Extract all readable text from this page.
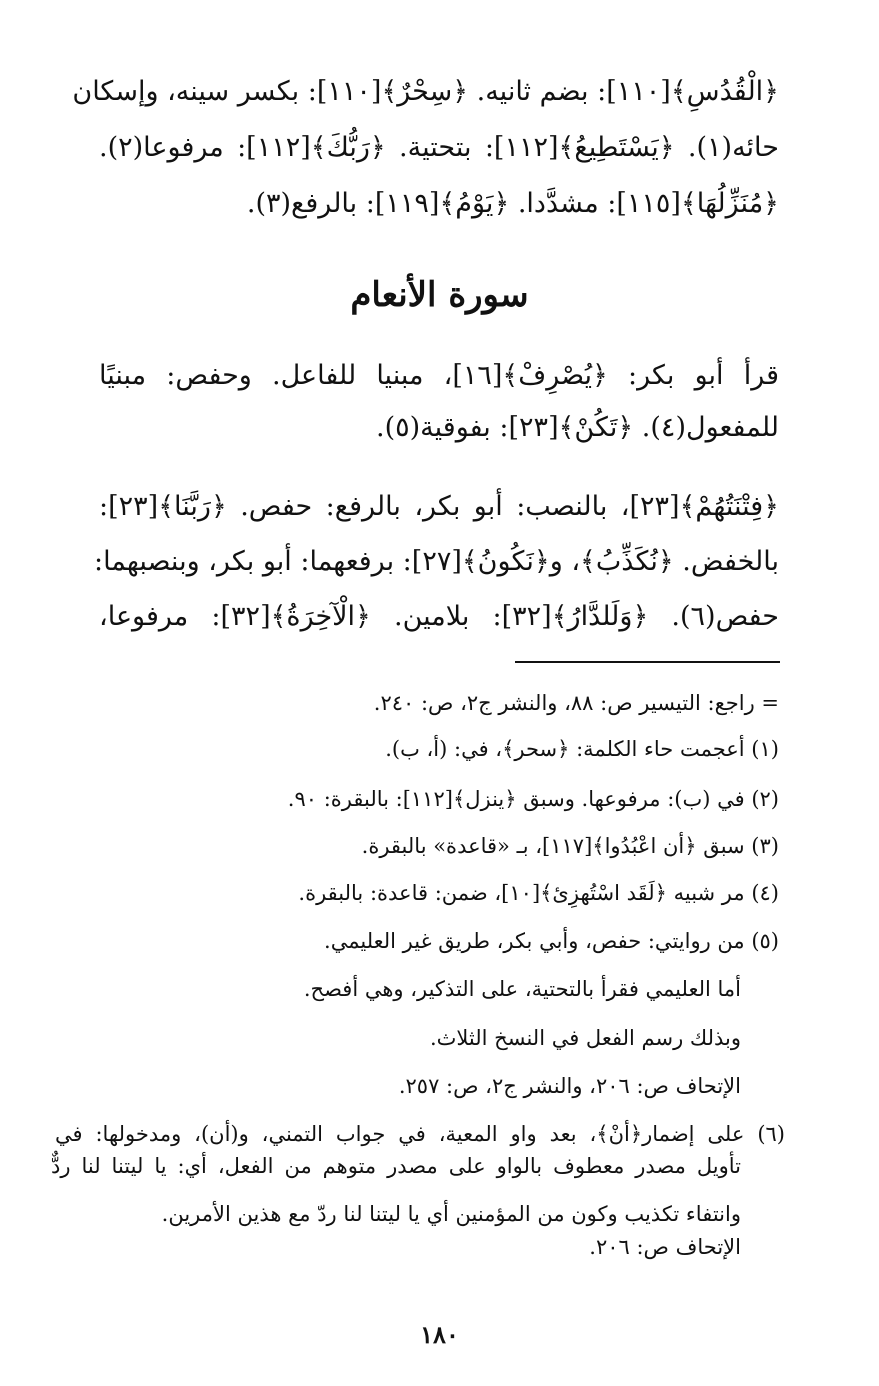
﴿الْقُدُسِ﴾[١١٠]: بضم ثانيه. ﴿سِحْرٌ﴾[١١٠]: بكسر سينه، وإسكان
حائه(١). ﴿يَسْتَطِيعُ﴾[١١٢]: بتحتية. ﴿رَبُّكَ﴾[١١٢]: مرفوعا(٢).
﴿مُنَزِّلُهَا﴾[١١٥]: مشدَّدا. ﴿يَوْمُ﴾[١١٩]: بالرفع(٣).
سورة الأنعام
قرأ أبو بكر: ﴿يُصْرِفْ﴾[١٦]، مبنيا للفاعل. وحفص: مبنيًا
للمفعول(٤). ﴿تَكُنْ﴾[٢٣]: بفوقية(٥).
﴿فِتْنَتُهُمْ﴾[٢٣]، بالنصب: أبو بكر، بالرفع: حفص. ﴿رَبَّنَا﴾[٢٣]:
بالخفض. ﴿نُكَذِّبُ﴾، و﴿نَكُونُ﴾[٢٧]: برفعهما: أبو بكر، وبنصبهما:
حفص(٦). ﴿وَلَلدَّارُ﴾[٣٢]: بلامين. ﴿الْآخِرَةُ﴾[٣٢]: مرفوعا،
= راجع: التيسير ص: ٨٨، والنشر ج٢، ص: ٢٤٠.
(١) أعجمت حاء الكلمة: ﴿سحر﴾، في: (أ، ب).
(٢) في (ب): مرفوعها. وسبق ﴿ينزل﴾[١١٢]: بالبقرة: ٩٠.
(٣) سبق ﴿أن اعْبُدُوا﴾[١١٧]، بـ «قاعدة» بالبقرة.
(٤) مر شبيه ﴿لَقَد اسْتُهزِئ﴾[١٠]، ضمن: قاعدة: بالبقرة.
(٥) من روايتي: حفص، وأبي بكر، طريق غير العليمي.
أما العليمي فقرأ بالتحتية، على التذكير، وهي أفصح.
وبذلك رسم الفعل في النسخ الثلاث.
الإتحاف ص: ٢٠٦، والنشر ج٢، ص: ٢٥٧.
(٦) على إضمار﴿أنْ﴾، بعد واو المعية، في جواب التمني، و(أن)، ومدخولها: في
تأويل مصدر معطوف بالواو على مصدر متوهم من الفعل، أي: يا ليتنا لنا ردٌّ
وانتفاء تكذيب وكون من المؤمنين أي يا ليتنا لنا ردّ مع هذين الأمرين.
الإتحاف ص: ٢٠٦.
١٨٠
